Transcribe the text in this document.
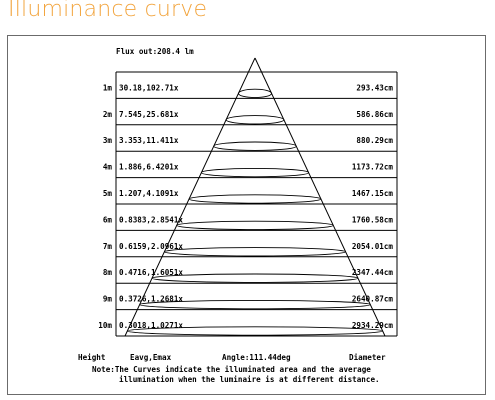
Illuminance curve
Flux out:208.4 lm
1m 30.18,102.71x	293.43cm
2m 7.545,25.681x	586.86cm
3m 3.353,11.411x	880.29cm
4m 1.886,6.4201x	1173.72cm
5m 1.207,4.1091x	1467.15cm
6m 0.8383,2.8541x	1760.58cm
7m 0.6159,2.0961x	2054.01cm
8m 0.4716,1.6051x	2347.44cm
9m 0.3726,1.2681x	2640.87cm
10m 0.3018,1.0271x	2934.29cm
Height	Eavg,Emax	Angle:111.44deg	Diameter
Note:The Curves indicate the illuminated area and the average
illumination when the luminaire is at different distance.
